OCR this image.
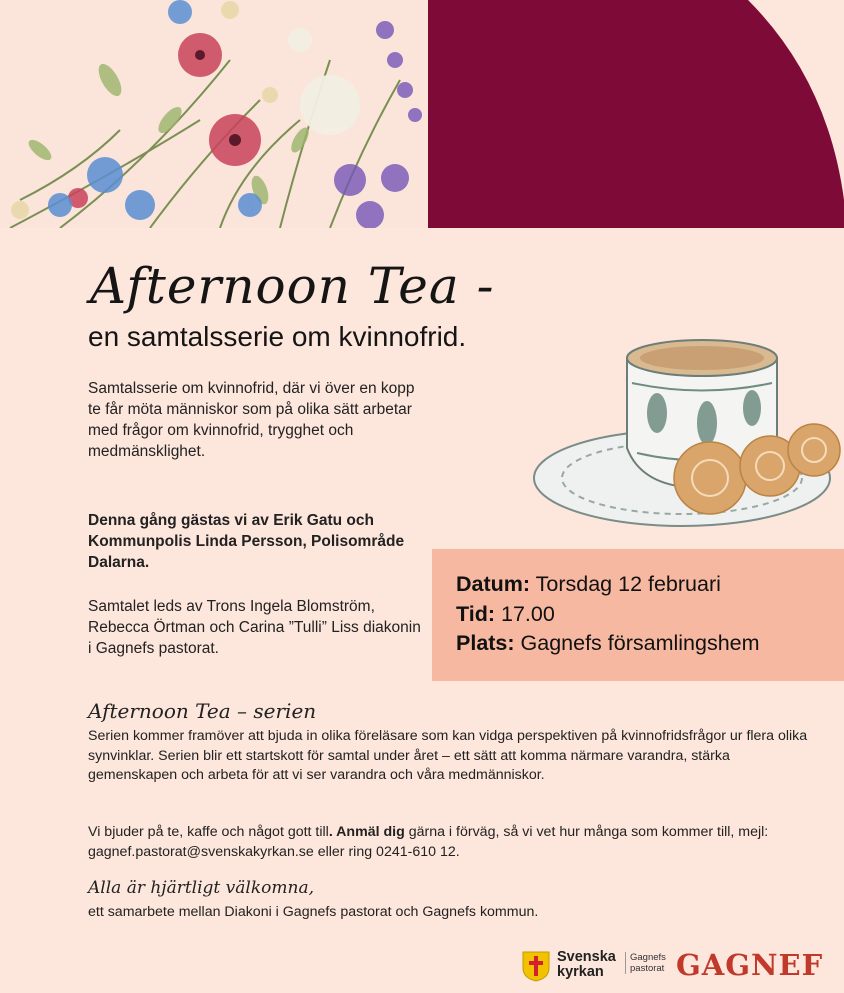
Afternoon Tea -
en samtalsserie om kvinnofrid.

Samtalsserie om kvinnofrid, där vi över en kopp te får möta människor som på olika sätt arbetar med frågor om kvinnofrid, trygghet och medmänsklighet.

Denna gång gästas vi av Erik Gatu och Kommunpolis Linda Persson, Polisområde Dalarna.

Samtalet leds av Trons Ingela Blomström, Rebecca Örtman och Carina ”Tulli” Liss diakonin i Gagnefs pastorat.

Datum: Torsdag 12 februari
Tid: 17.00
Plats: Gagnefs församlingshem
Afternoon Tea – serien

Serien kommer framöver att bjuda in olika föreläsare som kan vidga perspektiven på kvinnofridsfrågor ur flera olika synvinklar. Serien blir ett startskott för samtal under året – ett sätt att komma närmare varandra, stärka gemenskapen och arbeta för att vi ser varandra och våra medmänniskor.

Vi bjuder på te, kaffe och något gott till. Anmäl dig gärna i förväg, så vi vet hur många som kommer till, mejl: gagnef.pastorat@svenskakyrkan.se eller ring 0241-610 12.

Alla är hjärtligt välkomna,
ett samarbete mellan Diakoni i Gagnefs pastorat och Gagnefs kommun.
Svenska
kyrkan
Gagnefs
pastorat GAGNEF
